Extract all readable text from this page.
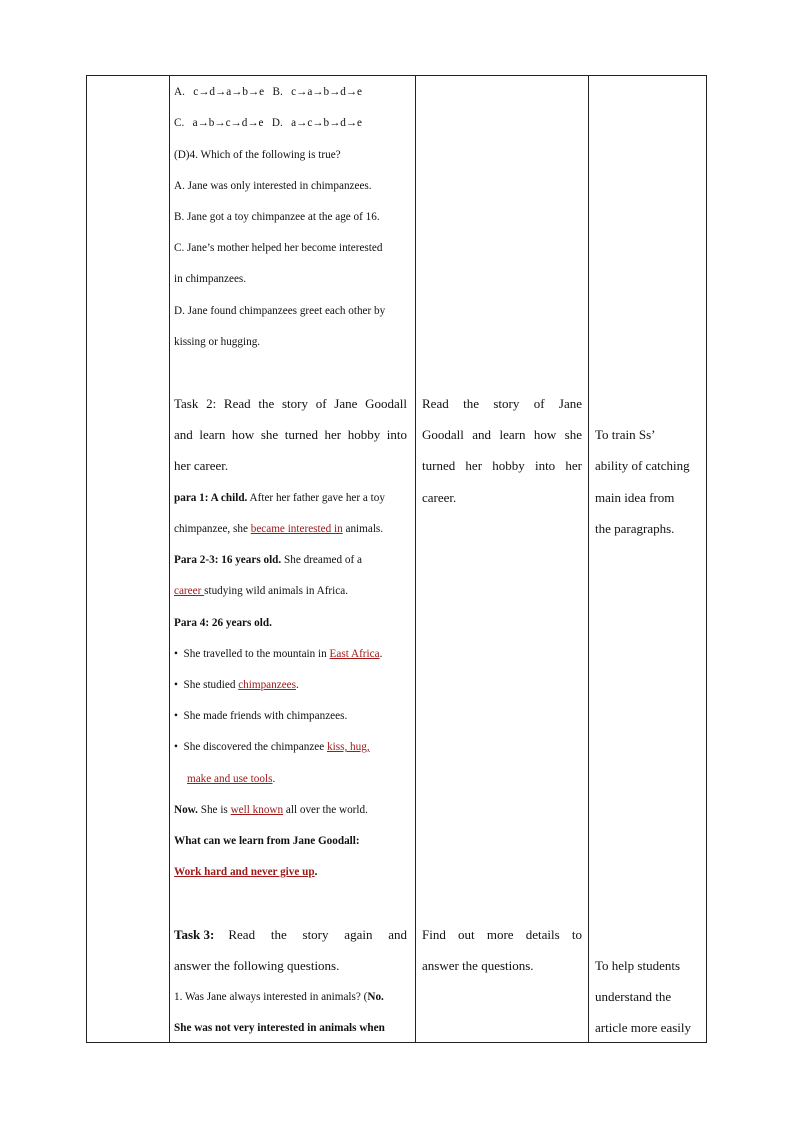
A. c→d→a→b→e B. c→a→b→d→e
C. a→b→c→d→e D. a→c→b→d→e
(D)4. Which of the following is true?
A. Jane was only interested in chimpanzees.
B. Jane got a toy chimpanzee at the age of 16.
C. Jane’s mother helped her become interested
in chimpanzees.
D. Jane found chimpanzees greet each other by
kissing or hugging.
Task 2: Read the story of Jane Goodall
and learn how she turned her hobby into
her career.
para 1: A child. After her father gave her a toy
chimpanzee, she became interested in animals.
Para 2-3: 16 years old. She dreamed of a
career studying wild animals in Africa.
Para 4: 26 years old.
• She travelled to the mountain in East Africa.
• She studied chimpanzees.
• She made friends with chimpanzees.
• She discovered the chimpanzee kiss, hug,
make and use tools.
Now. She is well known all over the world.
What can we learn from Jane Goodall:
Work hard and never give up.
Task 3: Read the story again and
answer the following questions.
1. Was Jane always interested in animals? (No.
She was not very interested in animals when
Read the story of Jane
Goodall and learn how she
turned her hobby into her
career.
Find out more details to
answer the questions.
To train Ss’
ability of catching
main idea from
the paragraphs.
To help students
understand the
article more easily
